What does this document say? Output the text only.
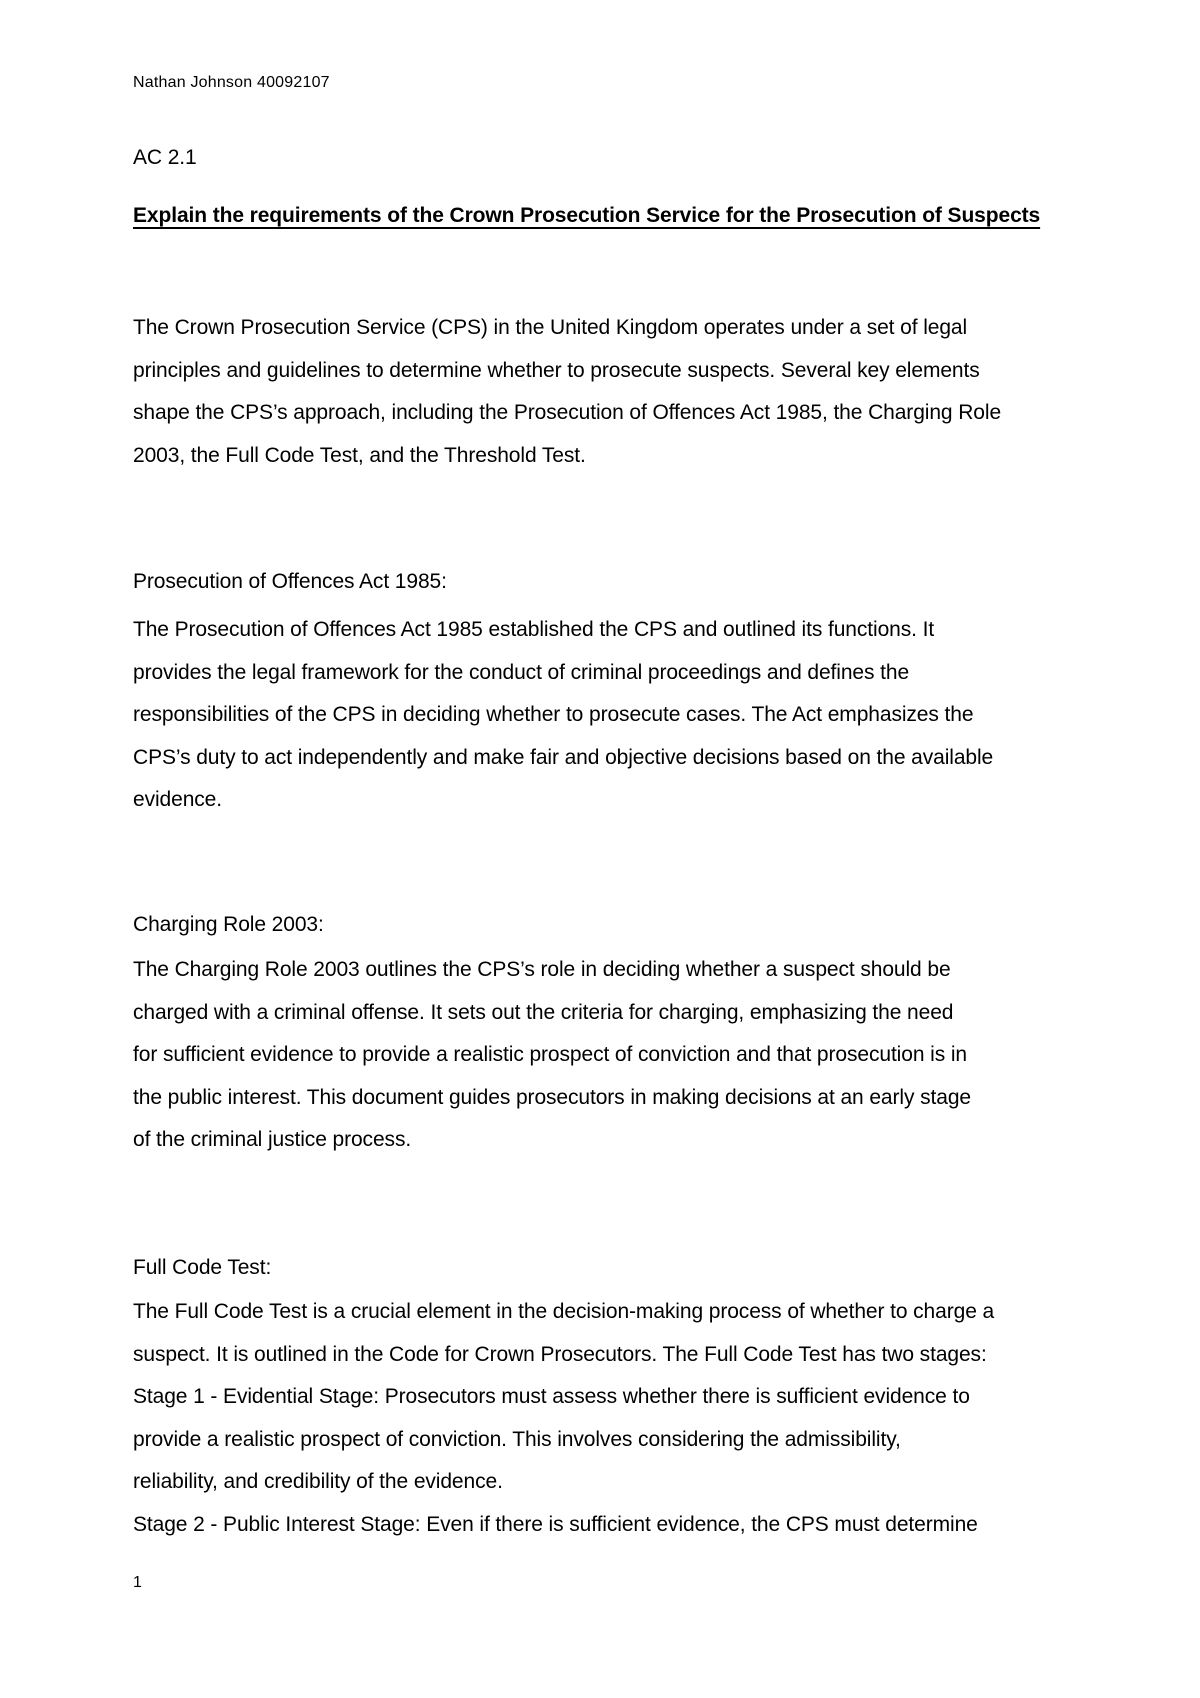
Nathan Johnson 40092107
AC 2.1
Explain the requirements of the Crown Prosecution Service for the Prosecution of Suspects
The Crown Prosecution Service (CPS) in the United Kingdom operates under a set of legal
principles and guidelines to determine whether to prosecute suspects. Several key elements
shape the CPS’s approach, including the Prosecution of Offences Act 1985, the Charging Role
2003, the Full Code Test, and the Threshold Test.
Prosecution of Offences Act 1985:
The Prosecution of Offences Act 1985 established the CPS and outlined its functions. It
provides the legal framework for the conduct of criminal proceedings and defines the
responsibilities of the CPS in deciding whether to prosecute cases. The Act emphasizes the
CPS’s duty to act independently and make fair and objective decisions based on the available
evidence.
Charging Role 2003:
The Charging Role 2003 outlines the CPS’s role in deciding whether a suspect should be
charged with a criminal offense. It sets out the criteria for charging, emphasizing the need
for sufficient evidence to provide a realistic prospect of conviction and that prosecution is in
the public interest. This document guides prosecutors in making decisions at an early stage
of the criminal justice process.
Full Code Test:
The Full Code Test is a crucial element in the decision-making process of whether to charge a
suspect. It is outlined in the Code for Crown Prosecutors. The Full Code Test has two stages:
Stage 1 - Evidential Stage: Prosecutors must assess whether there is sufficient evidence to
provide a realistic prospect of conviction. This involves considering the admissibility,
reliability, and credibility of the evidence.
Stage 2 - Public Interest Stage: Even if there is sufficient evidence, the CPS must determine
1
